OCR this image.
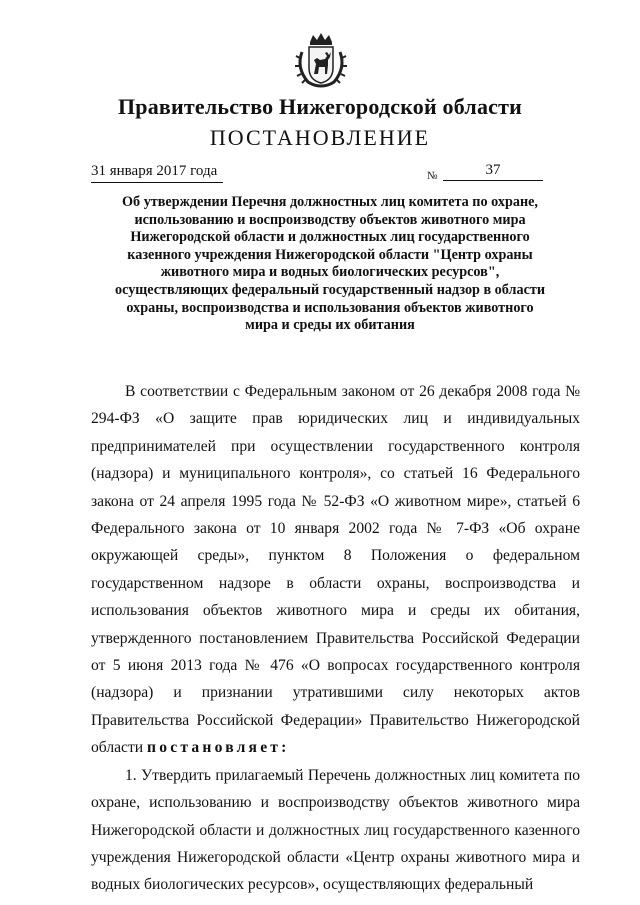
Правительство Нижегородской области
ПОСТАНОВЛЕНИЕ
31 января 2017 года	№	37
Об утверждении Перечня должностных лиц комитета по охране, использованию и воспроизводству объектов животного мира Нижегородской области и должностных лиц государственного казенного учреждения Нижегородской области "Центр охраны животного мира и водных биологических ресурсов", осуществляющих федеральный государственный надзор в области охраны, воспроизводства и использования объектов животного мира и среды их обитания

В соответствии с Федеральным законом от 26 декабря 2008 года № 294-ФЗ «О защите прав юридических лиц и индивидуальных предпринимателей при осуществлении государственного контроля (надзора) и муниципального контроля», со статьей 16 Федерального закона от 24 апреля 1995 года № 52-ФЗ «О животном мире», статьей 6 Федерального закона от 10 января 2002 года № 7-ФЗ «Об охране окружающей среды», пунктом 8 Положения о федеральном государственном надзоре в области охраны, воспроизводства и использования объектов животного мира и среды их обитания, утвержденного постановлением Правительства Российской Федерации от 5 июня 2013 года № 476 «О вопросах государственного контроля (надзора) и признании утратившими силу некоторых актов Правительства Российской Федерации» Правительство Нижегородской области постановляет:

1. Утвердить прилагаемый Перечень должностных лиц комитета по охране, использованию и воспроизводству объектов животного мира Нижегородской области и должностных лиц государственного казенного учреждения Нижегородской области «Центр охраны животного мира и водных биологических ресурсов», осуществляющих федеральный
